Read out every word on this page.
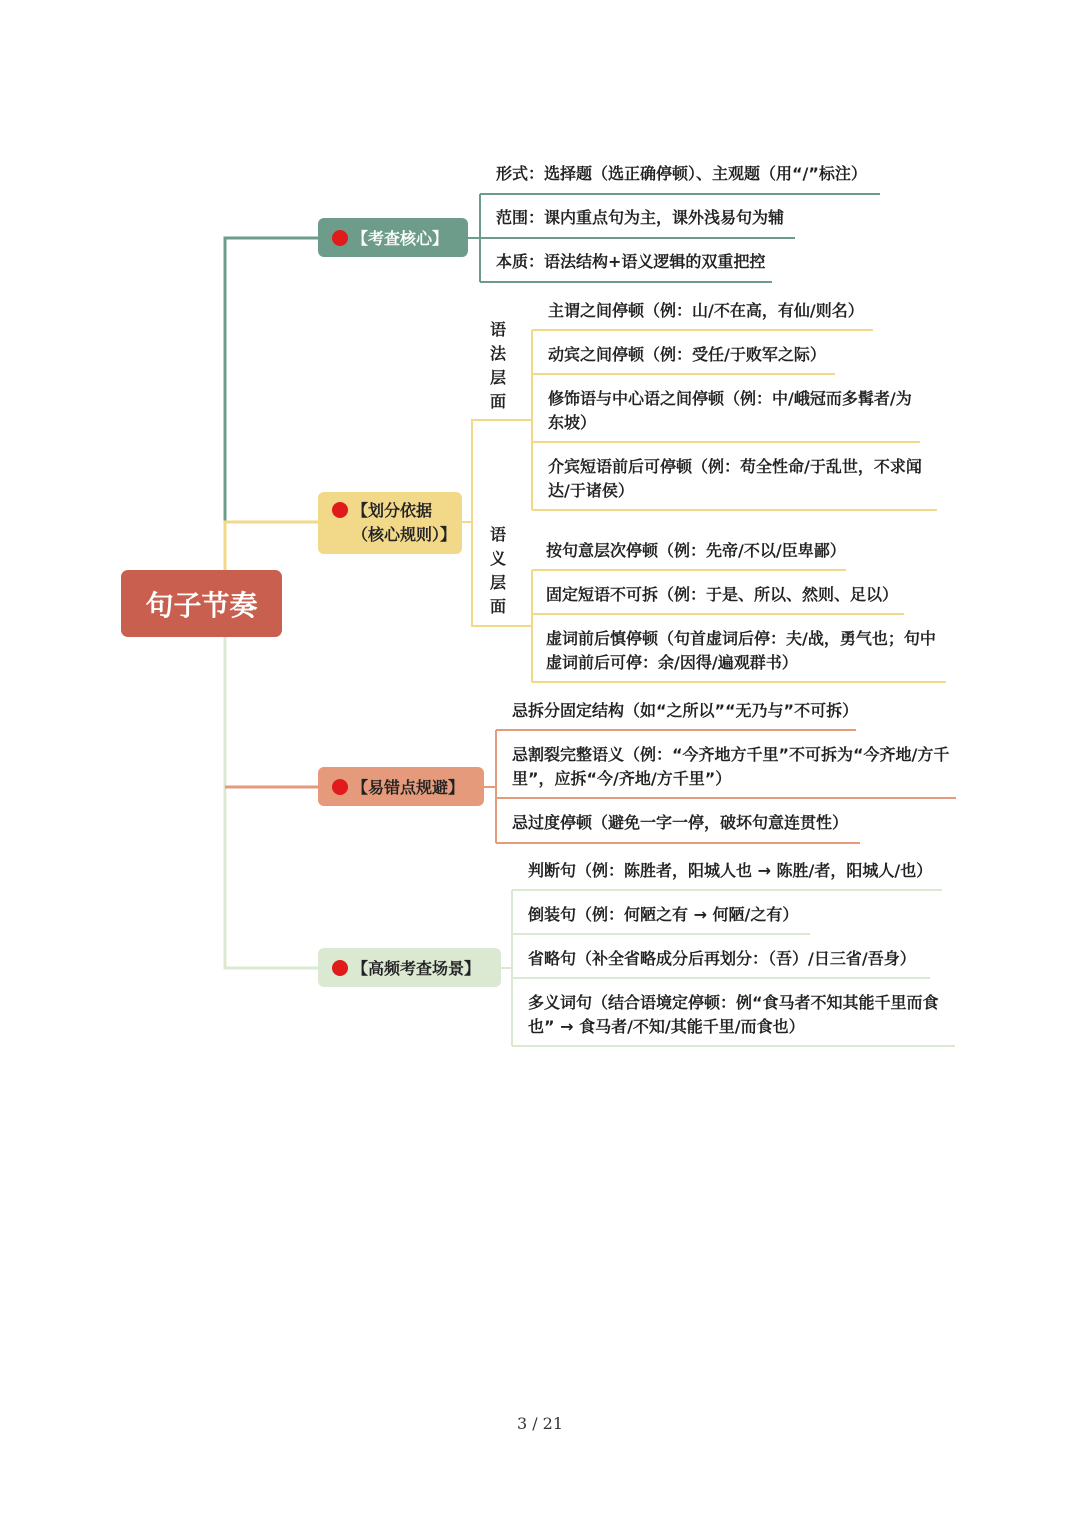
句子节奏
【考查核心】
【划分依据
（核心规则）】
【易错点规避】
【高频考查场景】
形式：选择题（选正确停顿）、主观题（用“/”标注）
范围：课内重点句为主，课外浅易句为辅
本质：语法结构+语义逻辑的双重把控
语
法
层
面
语
义
层
面
主谓之间停顿（例：山/不在高，有仙/则名）
动宾之间停顿（例：受任/于败军之际）
修饰语与中心语之间停顿（例：中/峨冠而多髯者/为
东坡）
介宾短语前后可停顿（例：苟全性命/于乱世，不求闻
达/于诸侯）
按句意层次停顿（例：先帝/不以/臣卑鄙）
固定短语不可拆（例：于是、所以、然则、足以）
虚词前后慎停顿（句首虚词后停：夫/战，勇气也；句中
虚词前后可停：余/因得/遍观群书）
忌拆分固定结构（如“之所以”“无乃与”不可拆）
忌割裂完整语义（例：“今齐地方千里”不可拆为“今齐地/方千
里”，应拆“今/齐地/方千里”）
忌过度停顿（避免一字一停，破坏句意连贯性）
判断句（例：陈胜者，阳城人也 → 陈胜/者，阳城人/也）
倒装句（例：何陋之有 → 何陋/之有）
省略句（补全省略成分后再划分：（吾）/日三省/吾身）
多义词句（结合语境定停顿：例“食马者不知其能千里而食
也” → 食马者/不知/其能千里/而食也）
3 / 21
